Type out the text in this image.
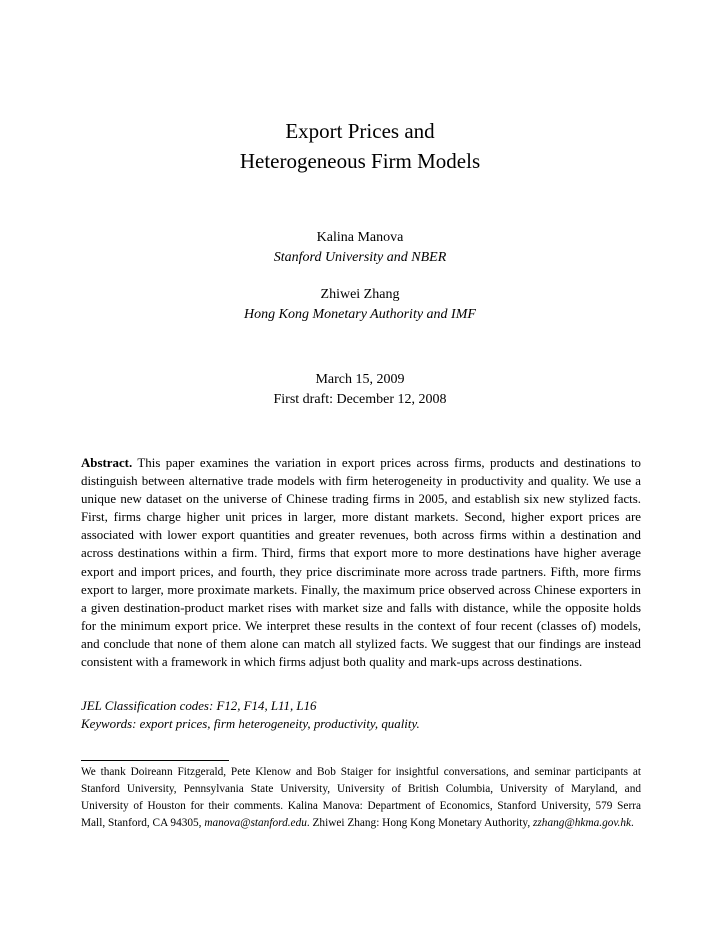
Export Prices and
Heterogeneous Firm Models
Kalina Manova
Stanford University and NBER
Zhiwei Zhang
Hong Kong Monetary Authority and IMF
March 15, 2009
First draft: December 12, 2008

Abstract. This paper examines the variation in export prices across firms, products and destinations to distinguish between alternative trade models with firm heterogeneity in productivity and quality. We use a unique new dataset on the universe of Chinese trading firms in 2005, and establish six new stylized facts. First, firms charge higher unit prices in larger, more distant markets. Second, higher export prices are associated with lower export quantities and greater revenues, both across firms within a destination and across destinations within a firm. Third, firms that export more to more destinations have higher average export and import prices, and fourth, they price discriminate more across trade partners. Fifth, more firms export to larger, more proximate markets. Finally, the maximum price observed across Chinese exporters in a given destination-product market rises with market size and falls with distance, while the opposite holds for the minimum export price. We interpret these results in the context of four recent (classes of) models, and conclude that none of them alone can match all stylized facts. We suggest that our findings are instead consistent with a framework in which firms adjust both quality and mark-ups across destinations.

JEL Classification codes: F12, F14, L11, L16
Keywords: export prices, firm heterogeneity, productivity, quality.

We thank Doireann Fitzgerald, Pete Klenow and Bob Staiger for insightful conversations, and seminar participants at Stanford University, Pennsylvania State University, University of British Columbia, University of Maryland, and University of Houston for their comments. Kalina Manova: Department of Economics, Stanford University, 579 Serra Mall, Stanford, CA 94305, manova@stanford.edu. Zhiwei Zhang: Hong Kong Monetary Authority, zzhang@hkma.gov.hk.
